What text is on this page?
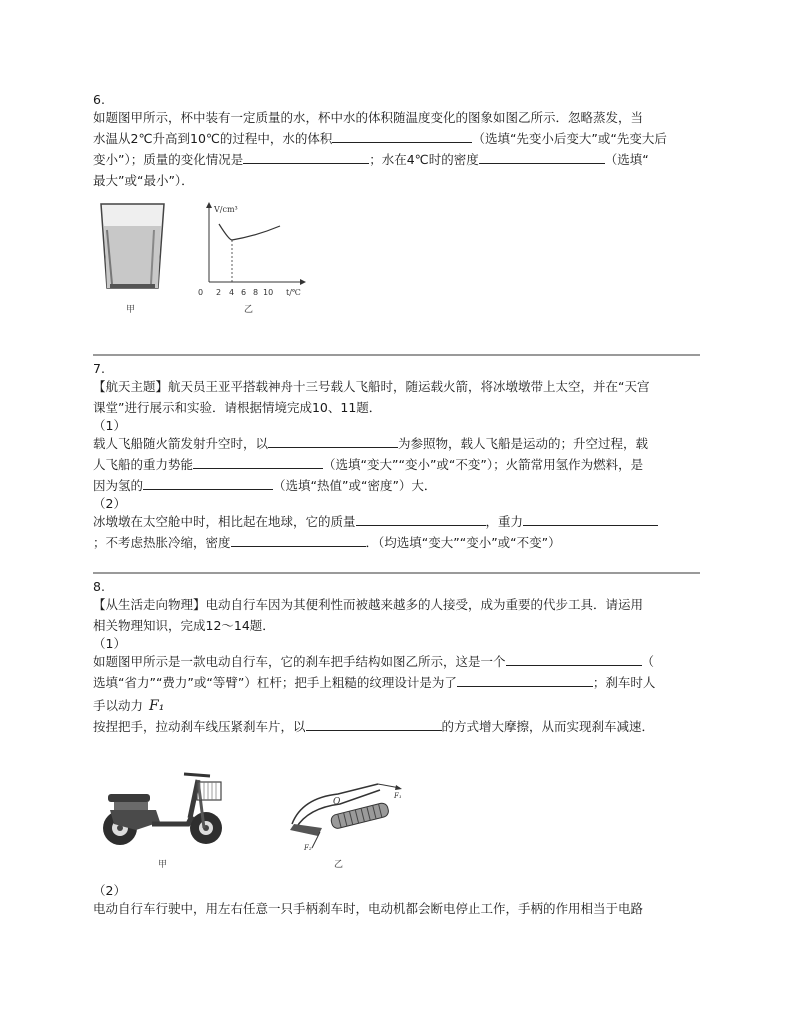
6.
如题图甲所示，杯中装有一定质量的水，杯中水的体积随温度变化的图象如图乙所示．忽略蒸发，当
水温从2℃升高到10℃的过程中，水的体积	（选填“先变小后变大”或“先变大后
变小”）；质量的变化情况是	；水在4℃时的密度	（选填“
最大”或“最小”）．
甲
V/cm³
t/℃
0 2 4 6 8 10
乙
7.
【航天主题】航天员王亚平搭载神舟十三号载人飞船时，随运载火箭，将冰墩墩带上太空，并在“天宫
课堂”进行展示和实验．请根据情境完成10、11题．
（1）
载人飞船随火箭发射升空时，以	为参照物，载人飞船是运动的；升空过程，载
人飞船的重力势能	（选填“变大”“变小”或“不变”）；火箭常用氢作为燃料，是
因为氢的	（选填“热值”或“密度”）大．
（2）
冰墩墩在太空舱中时，相比起在地球，它的质量	，重力
；不考虑热胀冷缩，密度	．（均选填“变大”“变小”或“不变”）
8.
【从生活走向物理】电动自行车因为其便利性而被越来越多的人接受，成为重要的代步工具．请运用
相关物理知识，完成12～14题．
（1）
如题图甲所示是一款电动自行车，它的刹车把手结构如图乙所示，这是一个	（
选填“省力”“费力”或“等臂”）杠杆；把手上粗糙的纹理设计是为了	；刹车时人
手以动力 F₁
按捏把手，拉动刹车线压紧刹车片，以	的方式增大摩擦，从而实现刹车减速．
甲
O
F₁
F₂
乙
（2）
电动自行车行驶中，用左右任意一只手柄刹车时，电动机都会断电停止工作，手柄的作用相当于电路
